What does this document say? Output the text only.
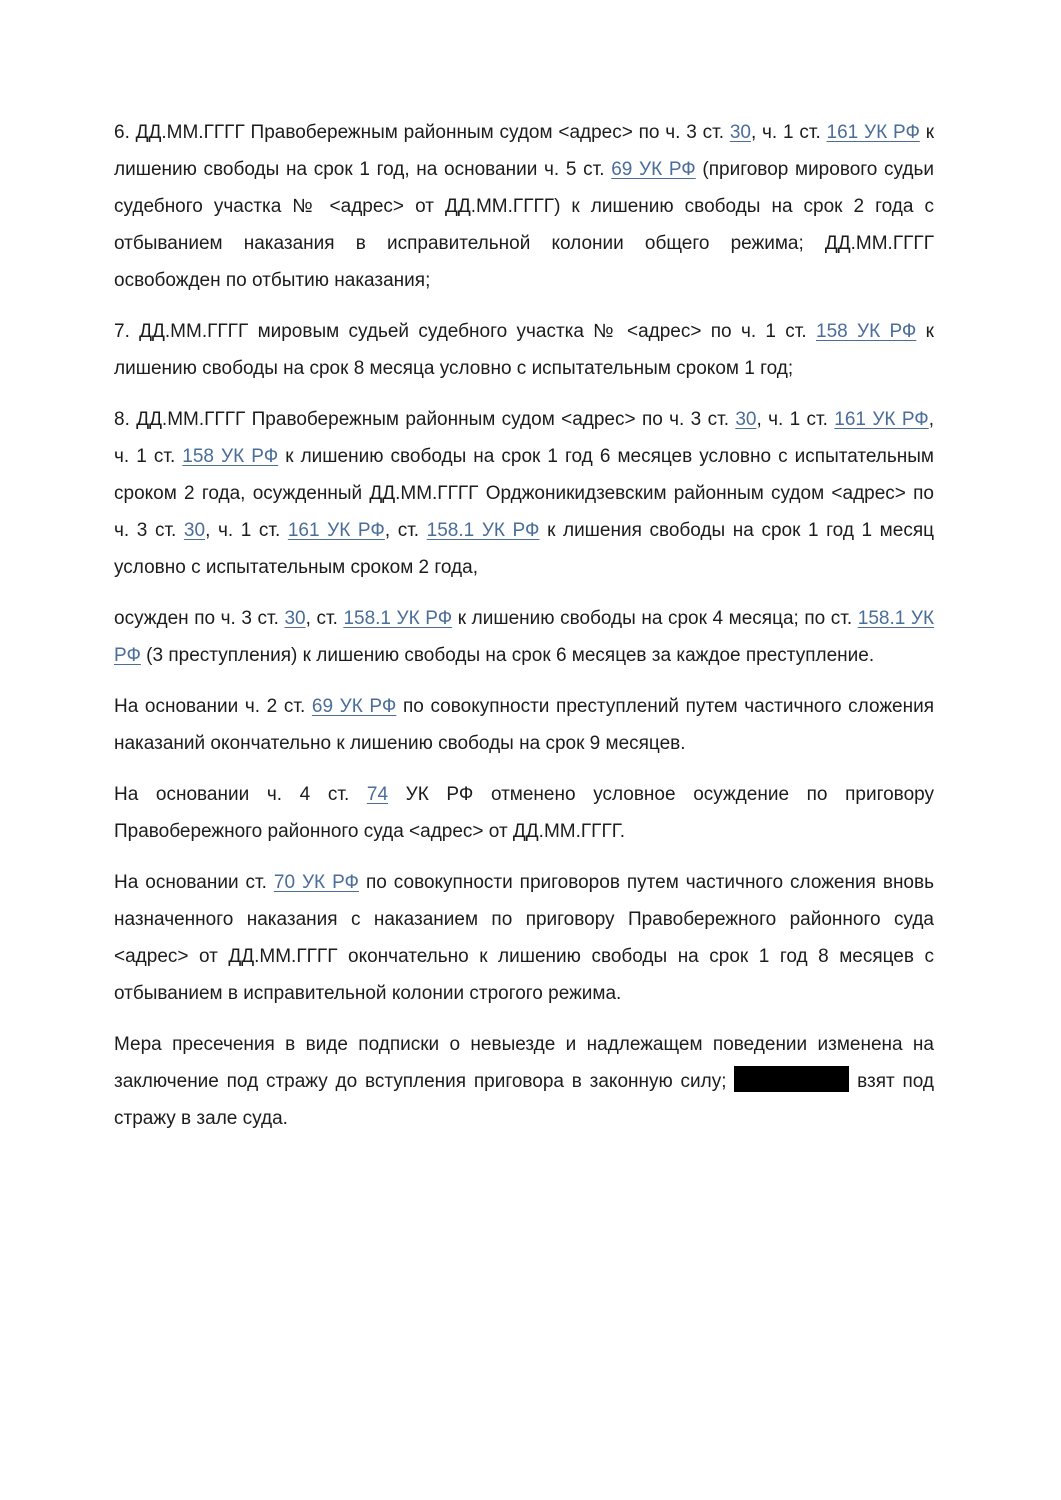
6. ДД.ММ.ГГГГ Правобережным районным судом <адрес> по ч. 3 ст. 30, ч. 1 ст. 161 УК РФ к лишению свободы на срок 1 год, на основании ч. 5 ст. 69 УК РФ (приговор мирового судьи судебного участка № <адрес> от ДД.ММ.ГГГГ) к лишению свободы на срок 2 года с отбыванием наказания в исправительной колонии общего режима; ДД.ММ.ГГГГ освобожден по отбытию наказания;

7. ДД.ММ.ГГГГ мировым судьей судебного участка № <адрес> по ч. 1 ст. 158 УК РФ к лишению свободы на срок 8 месяца условно с испытательным сроком 1 год;

8. ДД.ММ.ГГГГ Правобережным районным судом <адрес> по ч. 3 ст. 30, ч. 1 ст. 161 УК РФ, ч. 1 ст. 158 УК РФ к лишению свободы на срок 1 год 6 месяцев условно с испытательным сроком 2 года, осужденный ДД.ММ.ГГГГ Орджоникидзевским районным судом <адрес> по ч. 3 ст. 30, ч. 1 ст. 161 УК РФ, ст. 158.1 УК РФ к лишения свободы на срок 1 год 1 месяц условно с испытательным сроком 2 года,

осужден по ч. 3 ст. 30, ст. 158.1 УК РФ к лишению свободы на срок 4 месяца; по ст. 158.1 УК РФ (3 преступления) к лишению свободы на срок 6 месяцев за каждое преступление.

На основании ч. 2 ст. 69 УК РФ по совокупности преступлений путем частичного сложения наказаний окончательно к лишению свободы на срок 9 месяцев.

На основании ч. 4 ст. 74 УК РФ отменено условное осуждение по приговору Правобережного районного суда <адрес> от ДД.ММ.ГГГГ.

На основании ст. 70 УК РФ по совокупности приговоров путем частичного сложения вновь назначенного наказания с наказанием по приговору Правобережного районного суда <адрес> от ДД.ММ.ГГГГ окончательно к лишению свободы на срок 1 год 8 месяцев с отбыванием в исправительной колонии строгого режима.

Мера пресечения в виде подписки о невыезде и надлежащем поведении изменена на заключение под стражу до вступления приговора в законную силу;	взят под стражу в зале суда.
